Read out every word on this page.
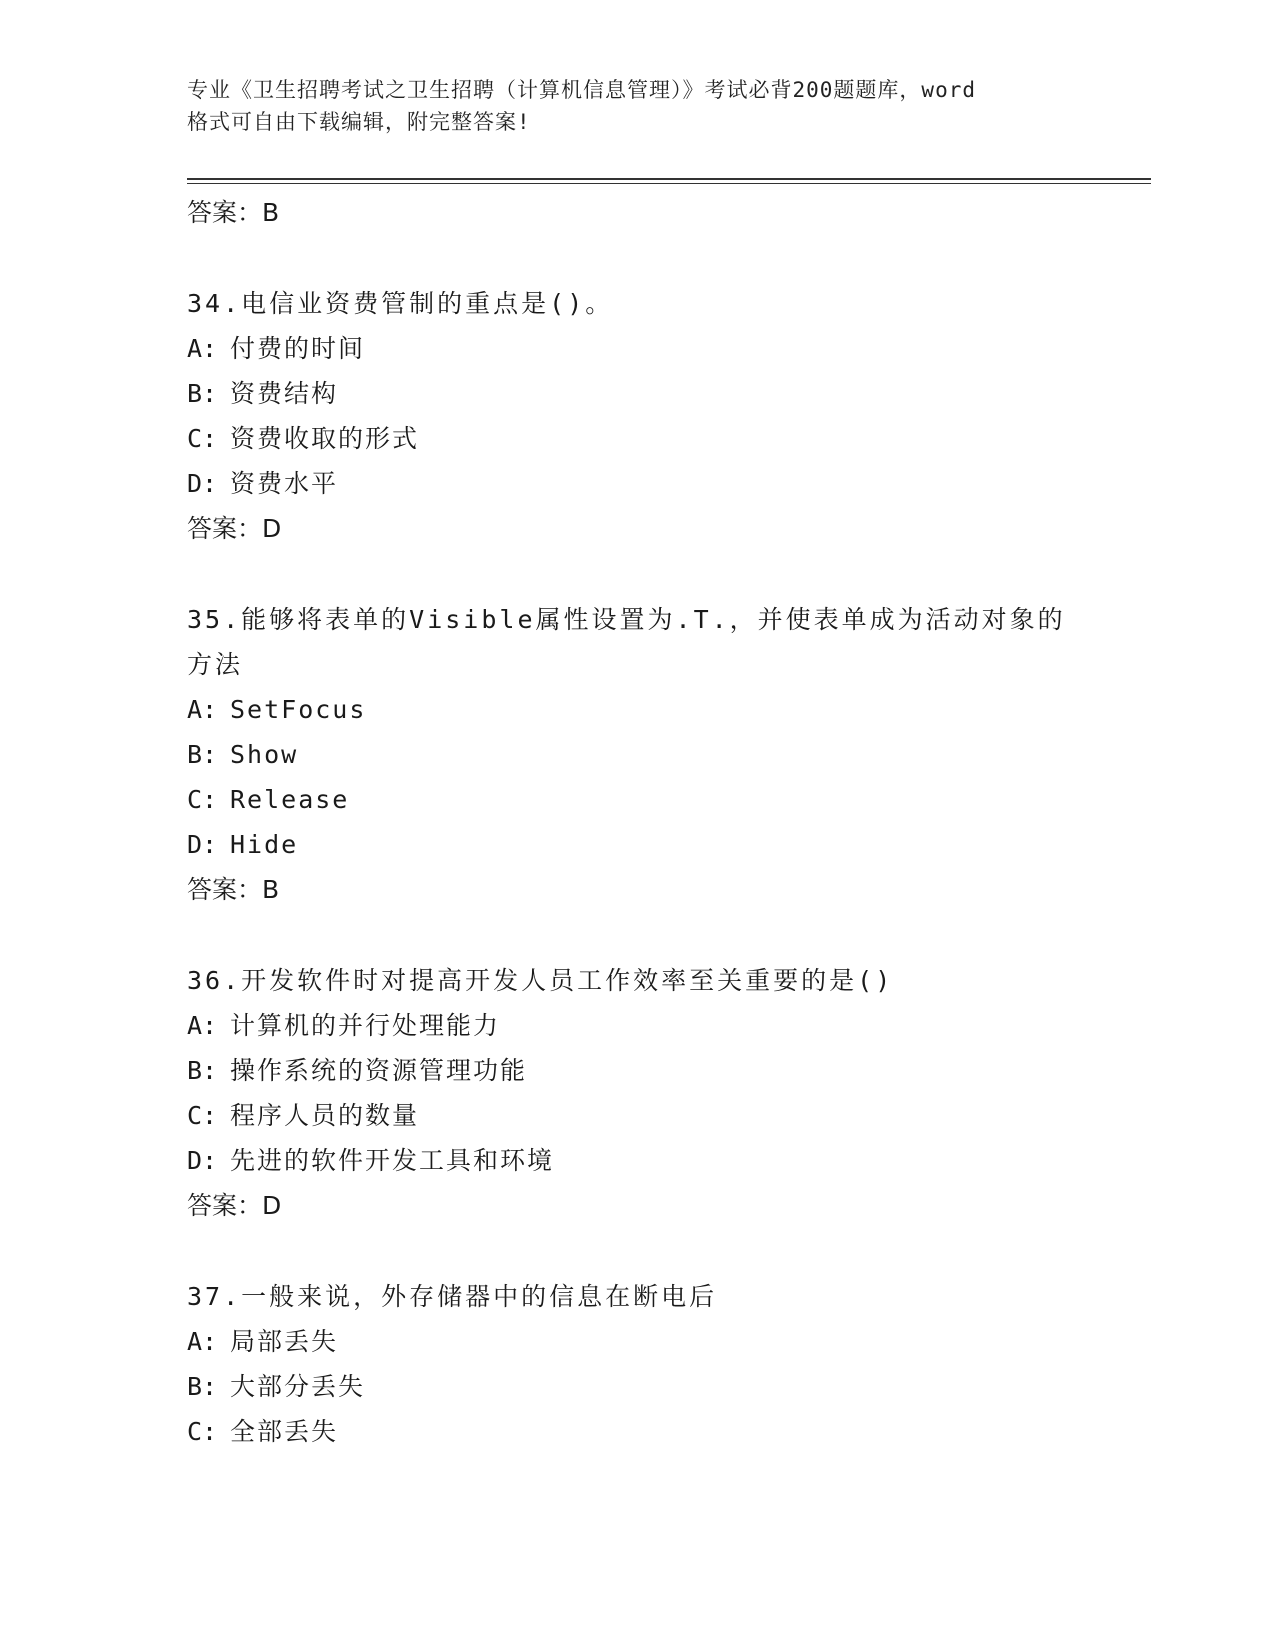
专业《卫生招聘考试之卫生招聘（计算机信息管理）》考试必背200题题库，word
格式可自由下载编辑，附完整答案!
答案：B
34.电信业资费管制的重点是()。
A: 付费的时间
B: 资费结构
C: 资费收取的形式
D: 资费水平
答案：D
35.能够将表单的Visible属性设置为.T.，并使表单成为活动对象的方法
A: SetFocus
B: Show
C: Release
D: Hide
答案：B
36.开发软件时对提高开发人员工作效率至关重要的是()
A: 计算机的并行处理能力
B: 操作系统的资源管理功能
C: 程序人员的数量
D: 先进的软件开发工具和环境
答案：D
37.一般来说，外存储器中的信息在断电后
A: 局部丢失
B: 大部分丢失
C: 全部丢失
